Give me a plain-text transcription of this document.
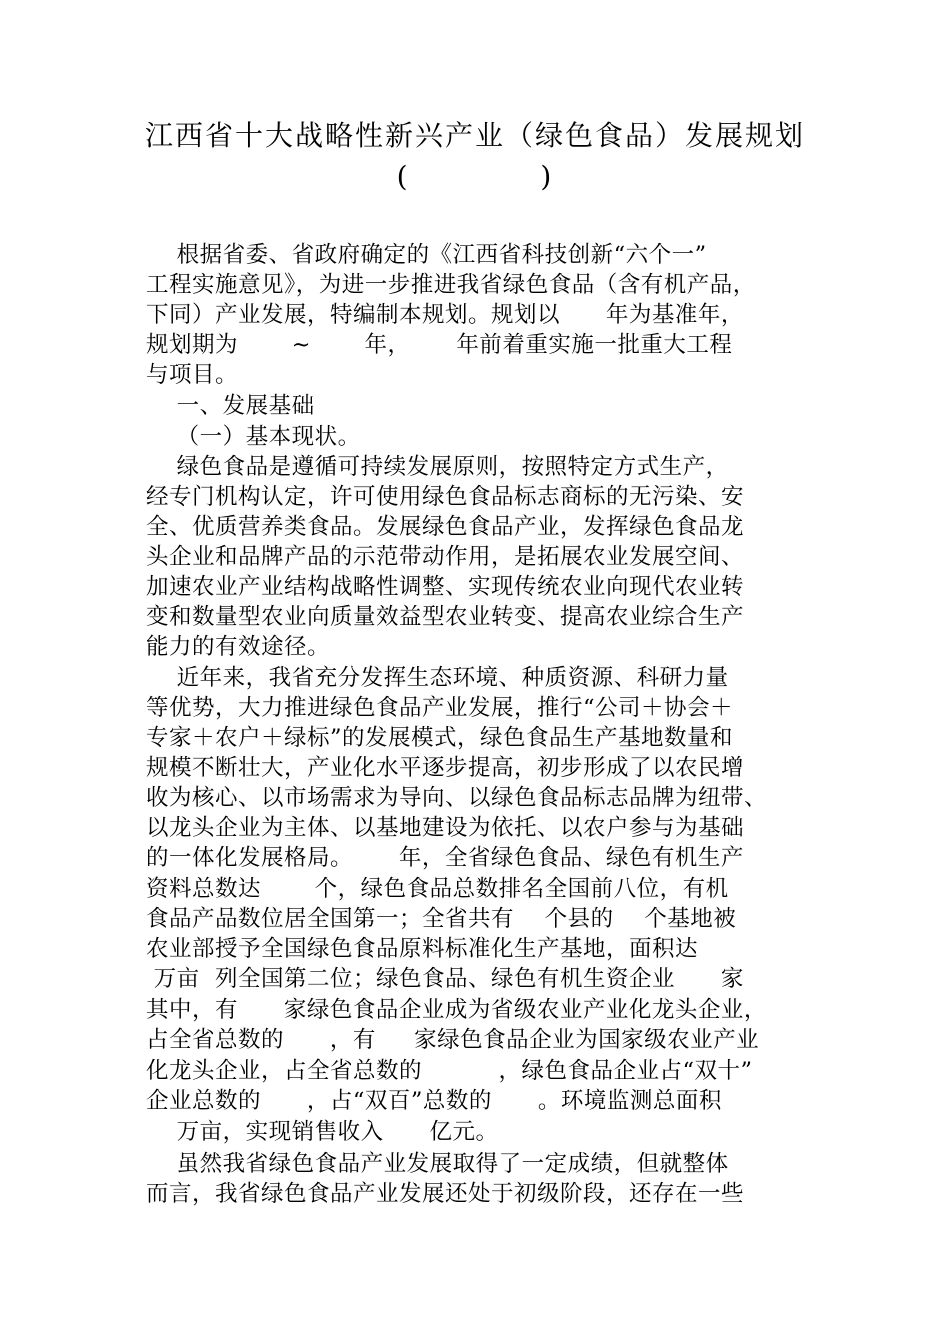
江西省十大战略性新兴产业（绿色食品）发展规划
(            )
根据省委、省政府确定的《江西省科技创新“六个一”
工程实施意见》，为进一步推进我省绿色食品（含有机产品，
下同）产业发展，特编制本规划。规划以      年为基准年，
规划期为       ~       年，      年前着重实施一批重大工程
与项目。
一、发展基础
（一）基本现状。
绿色食品是遵循可持续发展原则，按照特定方式生产，
经专门机构认定，许可使用绿色食品标志商标的无污染、安
全、优质营养类食品。发展绿色食品产业，发挥绿色食品龙
头企业和品牌产品的示范带动作用，是拓展农业发展空间、
加速农业产业结构战略性调整、实现传统农业向现代农业转
变和数量型农业向质量效益型农业转变、提高农业综合生产
能力的有效途径。
近年来，我省充分发挥生态环境、种质资源、科研力量
等优势，大力推进绿色食品产业发展，推行“公司＋协会＋
专家＋农户＋绿标”的发展模式，绿色食品生产基地数量和
规模不断壮大，产业化水平逐步提高，初步形成了以农民增
收为核心、以市场需求为导向、以绿色食品标志品牌为纽带、
以龙头企业为主体、以基地建设为依托、以农户参与为基础
的一体化发展格局。      年，全省绿色食品、绿色有机生产
资料总数达       个，绿色食品总数排名全国前八位，有机
食品产品数位居全国第一；全省共有    个县的    个基地被
农业部授予全国绿色食品原料标准化生产基地，面积达
万亩  列全国第二位；绿色食品、绿色有机生资企业      家
其中，有      家绿色食品企业成为省级农业产业化龙头企业，
占全省总数的      ，有     家绿色食品企业为国家级农业产业
化龙头企业，占全省总数的          ，绿色食品企业占“双十”
企业总数的      ，占“双百”总数的      。环境监测总面积
万亩，实现销售收入      亿元。
虽然我省绿色食品产业发展取得了一定成绩，但就整体
而言，我省绿色食品产业发展还处于初级阶段，还存在一些
